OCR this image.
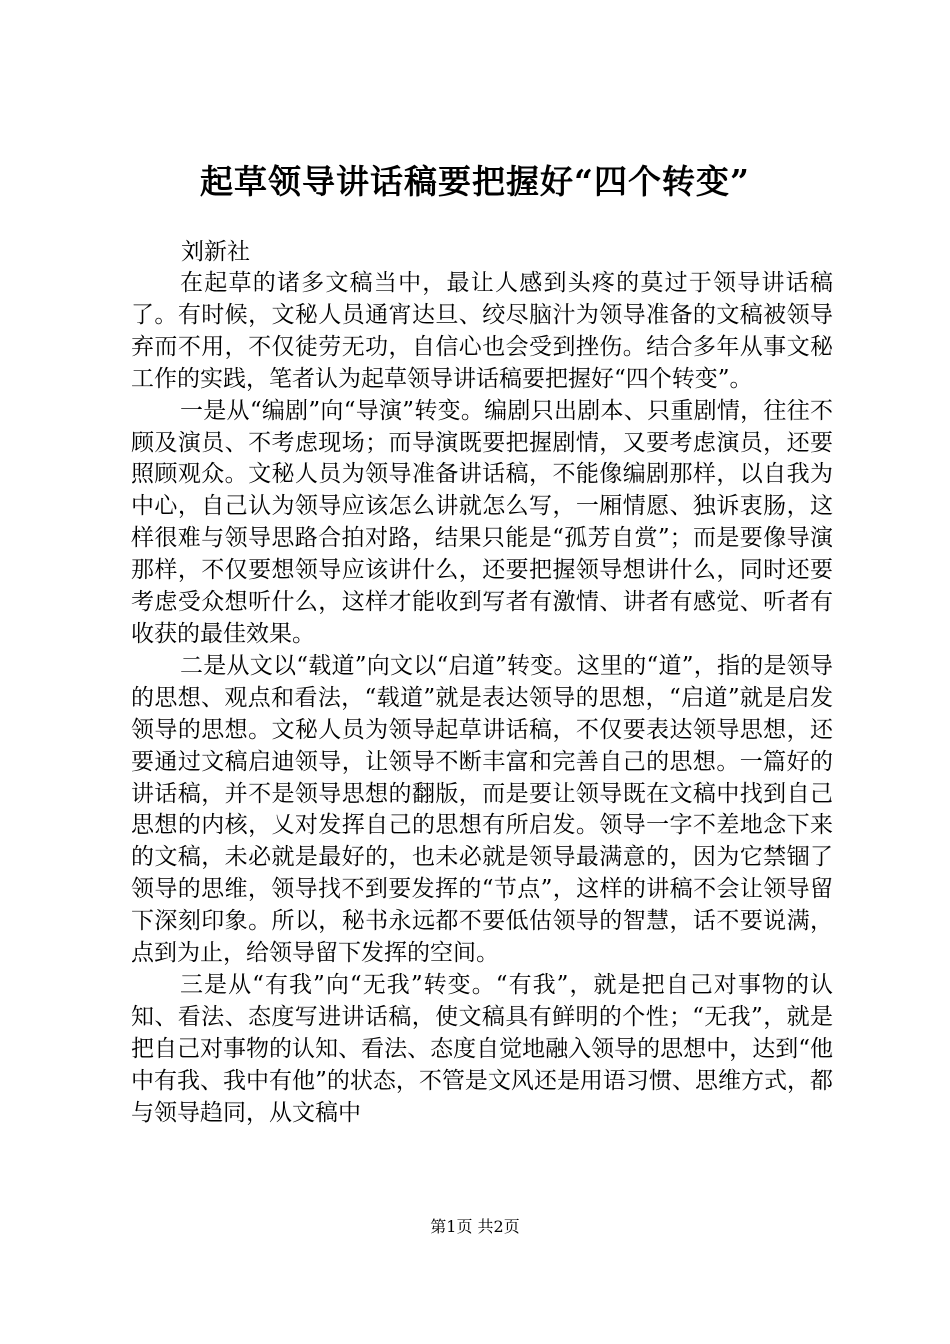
起草领导讲话稿要把握好“四个转变”
刘新社

在起草的诸多文稿当中，最让人感到头疼的莫过于领导讲话稿了。有时候，文秘人员通宵达旦、绞尽脑汁为领导准备的文稿被领导弃而不用，不仅徒劳无功，自信心也会受到挫伤。结合多年从事文秘工作的实践，笔者认为起草领导讲话稿要把握好“四个转变”。

一是从“编剧”向“导演”转变。编剧只出剧本、只重剧情，往往不顾及演员、不考虑现场；而导演既要把握剧情，又要考虑演员，还要照顾观众。文秘人员为领导准备讲话稿，不能像编剧那样，以自我为中心，自己认为领导应该怎么讲就怎么写，一厢情愿、独诉衷肠，这样很难与领导思路合拍对路，结果只能是“孤芳自赏”；而是要像导演那样，不仅要想领导应该讲什么，还要把握领导想讲什么，同时还要考虑受众想听什么，这样才能收到写者有激情、讲者有感觉、听者有收获的最佳效果。

二是从文以“载道”向文以“启道”转变。这里的“道”，指的是领导的思想、观点和看法，“载道”就是表达领导的思想，“启道”就是启发领导的思想。文秘人员为领导起草讲话稿，不仅要表达领导思想，还要通过文稿启迪领导，让领导不断丰富和完善自己的思想。一篇好的讲话稿，并不是领导思想的翻版，而是要让领导既在文稿中找到自己思想的内核，乂对发挥自己的思想有所启发。领导一字不差地念下来的文稿，未必就是最好的，也未必就是领导最满意的，因为它禁锢了领导的思维，领导找不到要发挥的“节点”，这样的讲稿不会让领导留下深刻印象。所以，秘书永远都不要低估领导的智慧，话不要说满，点到为止，给领导留下发挥的空间。

三是从“有我”向“无我”转变。“有我”，就是把自己对事物的认知、看法、态度写进讲话稿，使文稿具有鲜明的个性；“无我”，就是把自己对事物的认知、看法、态度自觉地融入领导的思想中，达到“他中有我、我中有他”的状态，不管是文风还是用语习惯、思维方式，都与领导趋同，从文稿中

第1页 共2页
